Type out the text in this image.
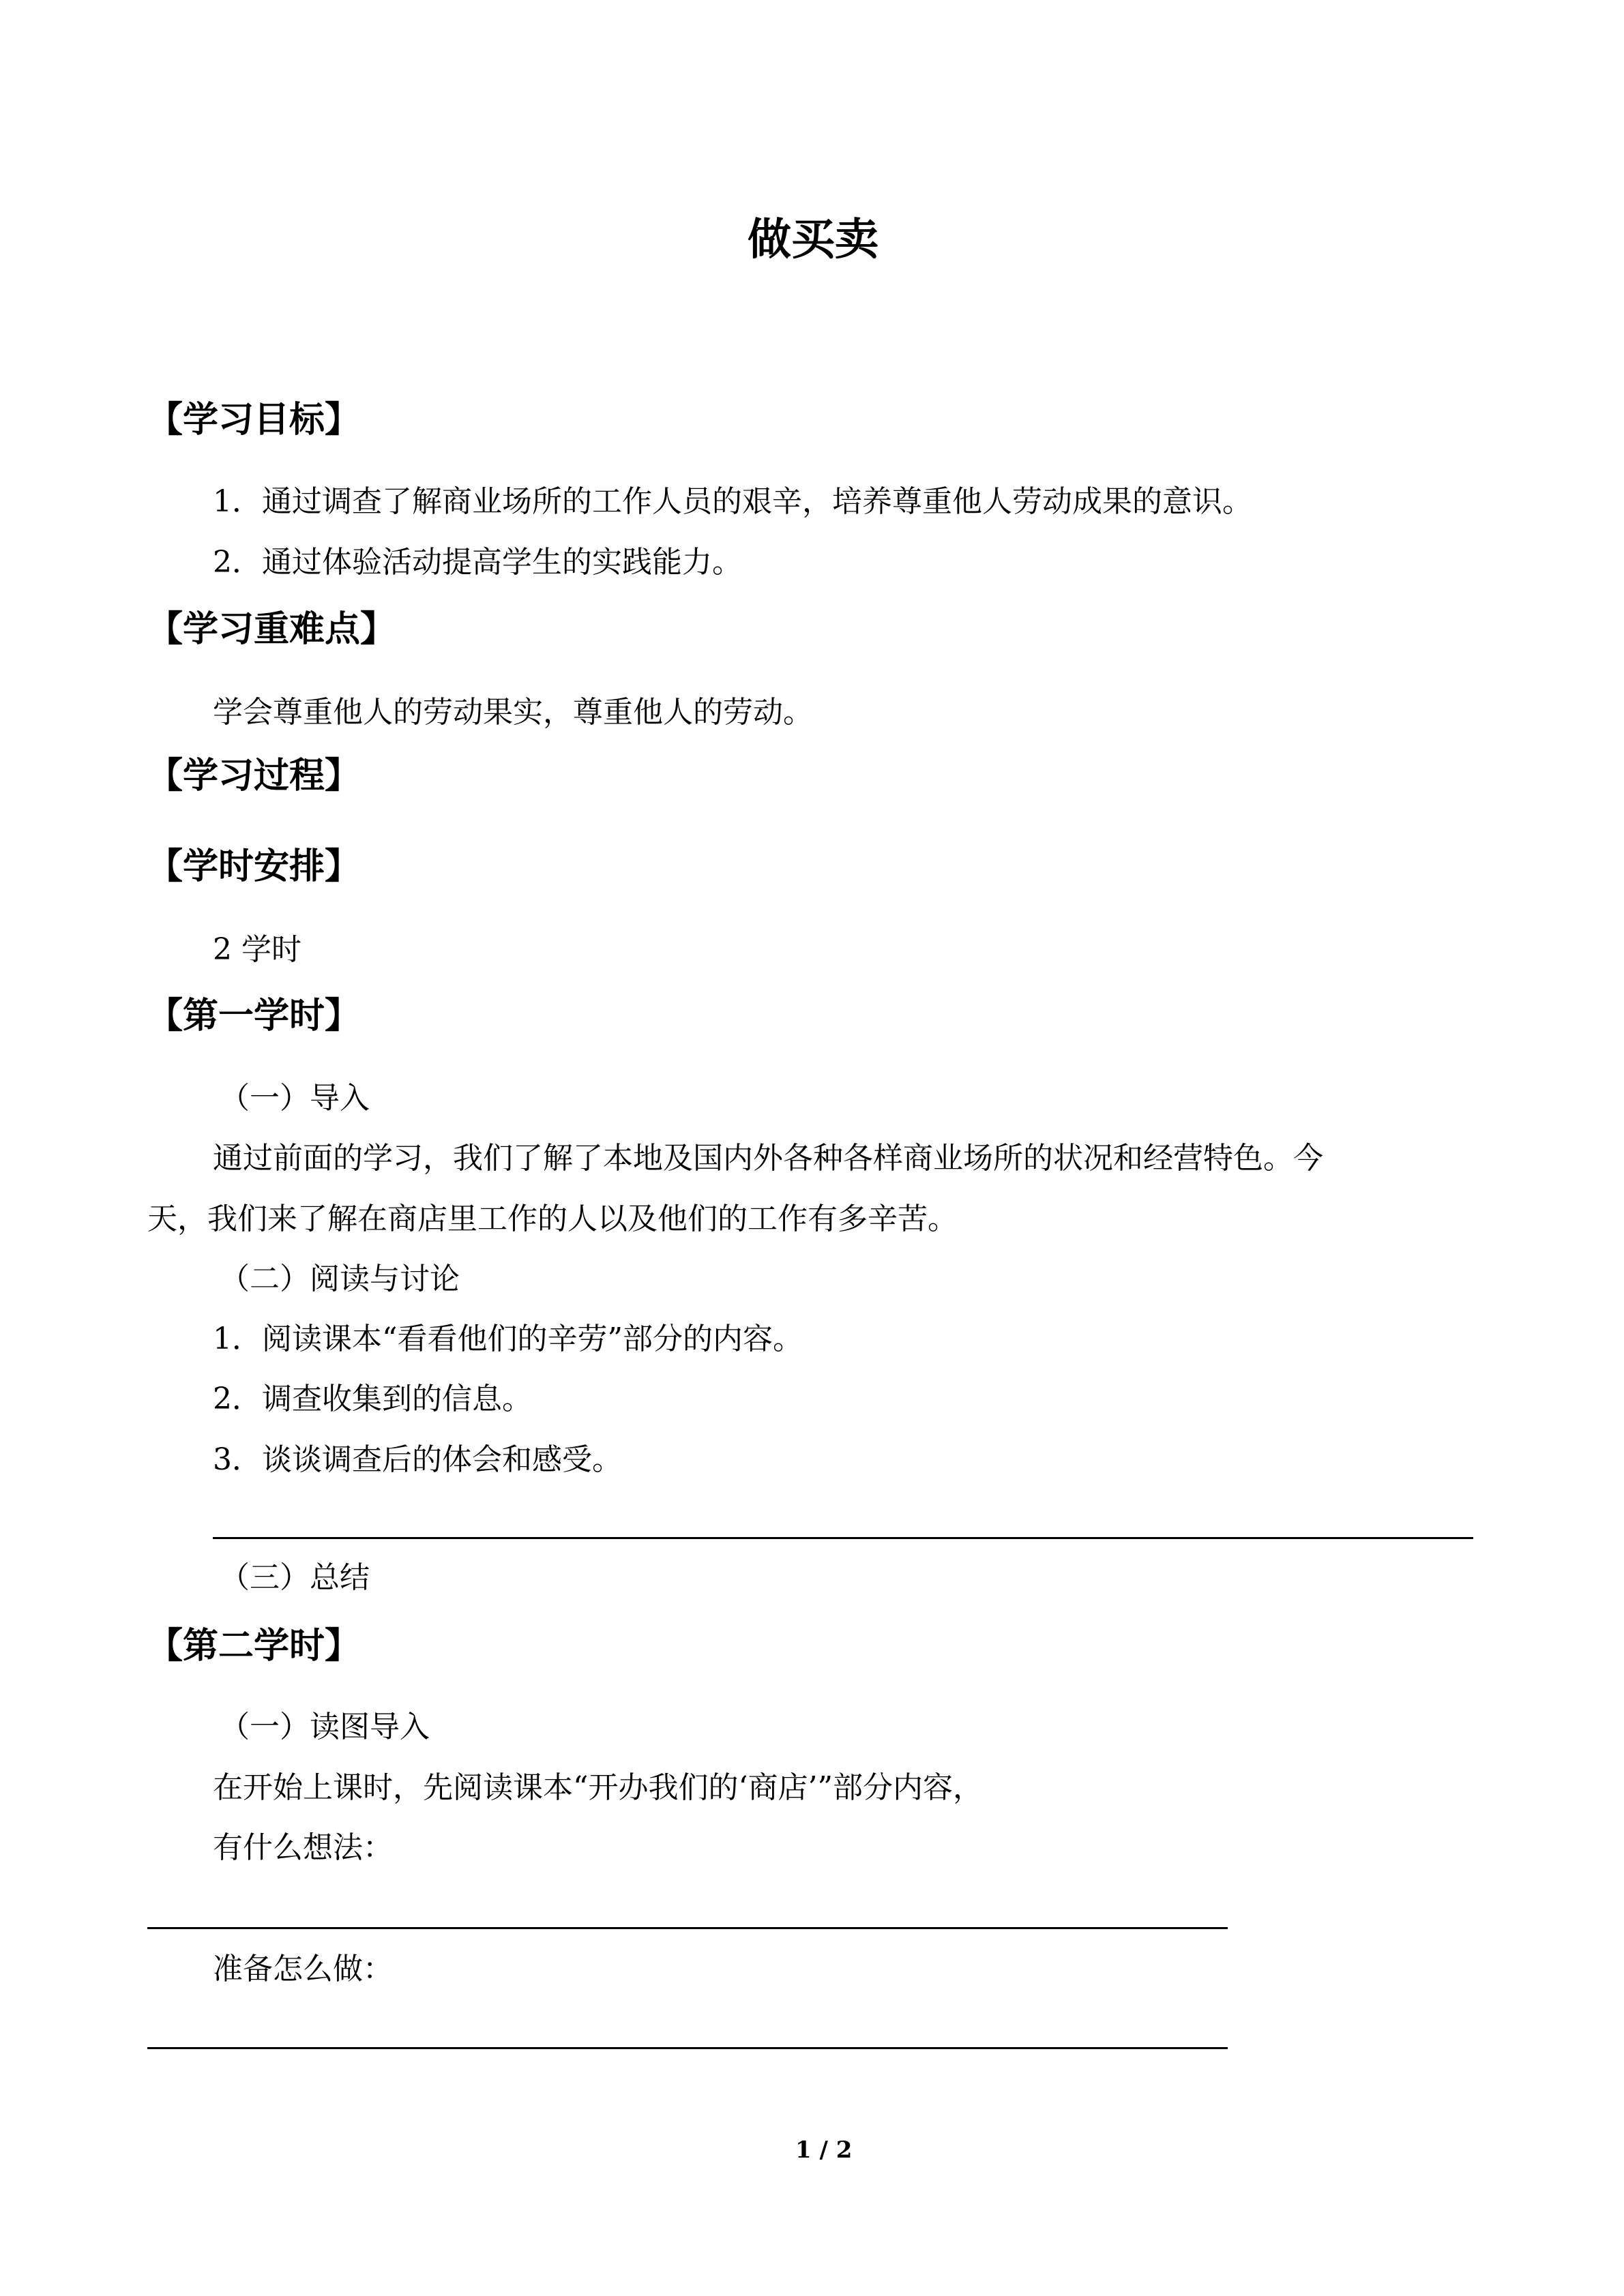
做买卖
【学习目标】
1．通过调查了解商业场所的工作人员的艰辛，培养尊重他人劳动成果的意识。
2．通过体验活动提高学生的实践能力。
【学习重难点】
学会尊重他人的劳动果实，尊重他人的劳动。
【学习过程】
【学时安排】
2 学时
【第一学时】
（一）导入
通过前面的学习，我们了解了本地及国内外各种各样商业场所的状况和经营特色。今
天，我们来了解在商店里工作的人以及他们的工作有多辛苦。
（二）阅读与讨论
1．阅读课本“看看他们的辛劳”部分的内容。
2．调查收集到的信息。
3．谈谈调查后的体会和感受。
（三）总结
【第二学时】
（一）读图导入
在开始上课时，先阅读课本“开办我们的‘商店’”部分内容，
有什么想法：
准备怎么做：
1 / 2
